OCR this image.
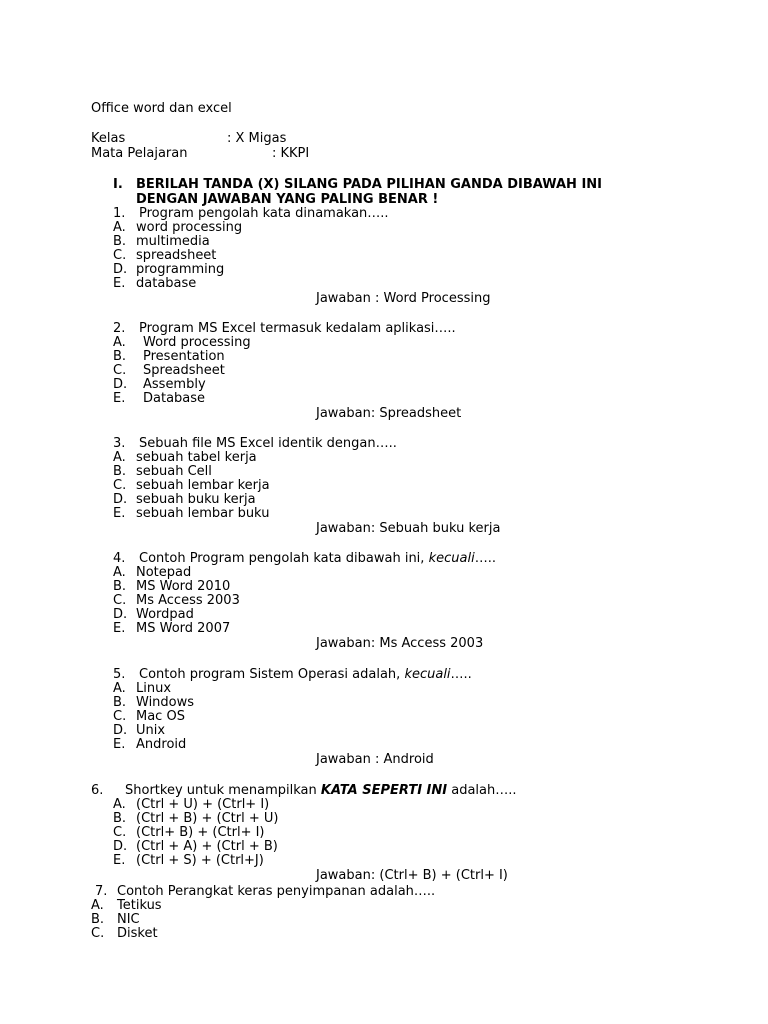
Office word dan excel
Kelas	: X Migas
Mata Pelajaran	: KKPI
I. BERILAH TANDA (X) SILANG PADA PILIHAN GANDA DIBAWAH INI
DENGAN JAWABAN YANG PALING BENAR !
1. Program pengolah kata dinamakan…..
A. word processing
B. multimedia
C. spreadsheet
D. programming
E. database
Jawaban : Word Processing
2. Program MS Excel termasuk kedalam aplikasi…..
A. Word processing
B. Presentation
C. Spreadsheet
D. Assembly
E. Database
Jawaban: Spreadsheet
3. Sebuah file MS Excel identik dengan…..
A. sebuah tabel kerja
B. sebuah Cell
C. sebuah lembar kerja
D. sebuah buku kerja
E. sebuah lembar buku
Jawaban: Sebuah buku kerja
4. Contoh Program pengolah kata dibawah ini, kecuali…..
A. Notepad
B. MS Word 2010
C. Ms Access 2003
D. Wordpad
E. MS Word 2007
Jawaban: Ms Access 2003
5. Contoh program Sistem Operasi adalah, kecuali…..
A. Linux
B. Windows
C. Mac OS
D. Unix
E. Android
Jawaban : Android
6. Shortkey untuk menampilkan KATA SEPERTI INI adalah…..
A. (Ctrl + U) + (Ctrl+ I)
B. (Ctrl + B) + (Ctrl + U)
C. (Ctrl+ B) + (Ctrl+ I)
D. (Ctrl + A) + (Ctrl + B)
E. (Ctrl + S) + (Ctrl+J)
Jawaban: (Ctrl+ B) + (Ctrl+ I)
7. Contoh Perangkat keras penyimpanan adalah…..
A. Tetikus
B. NIC
C. Disket
